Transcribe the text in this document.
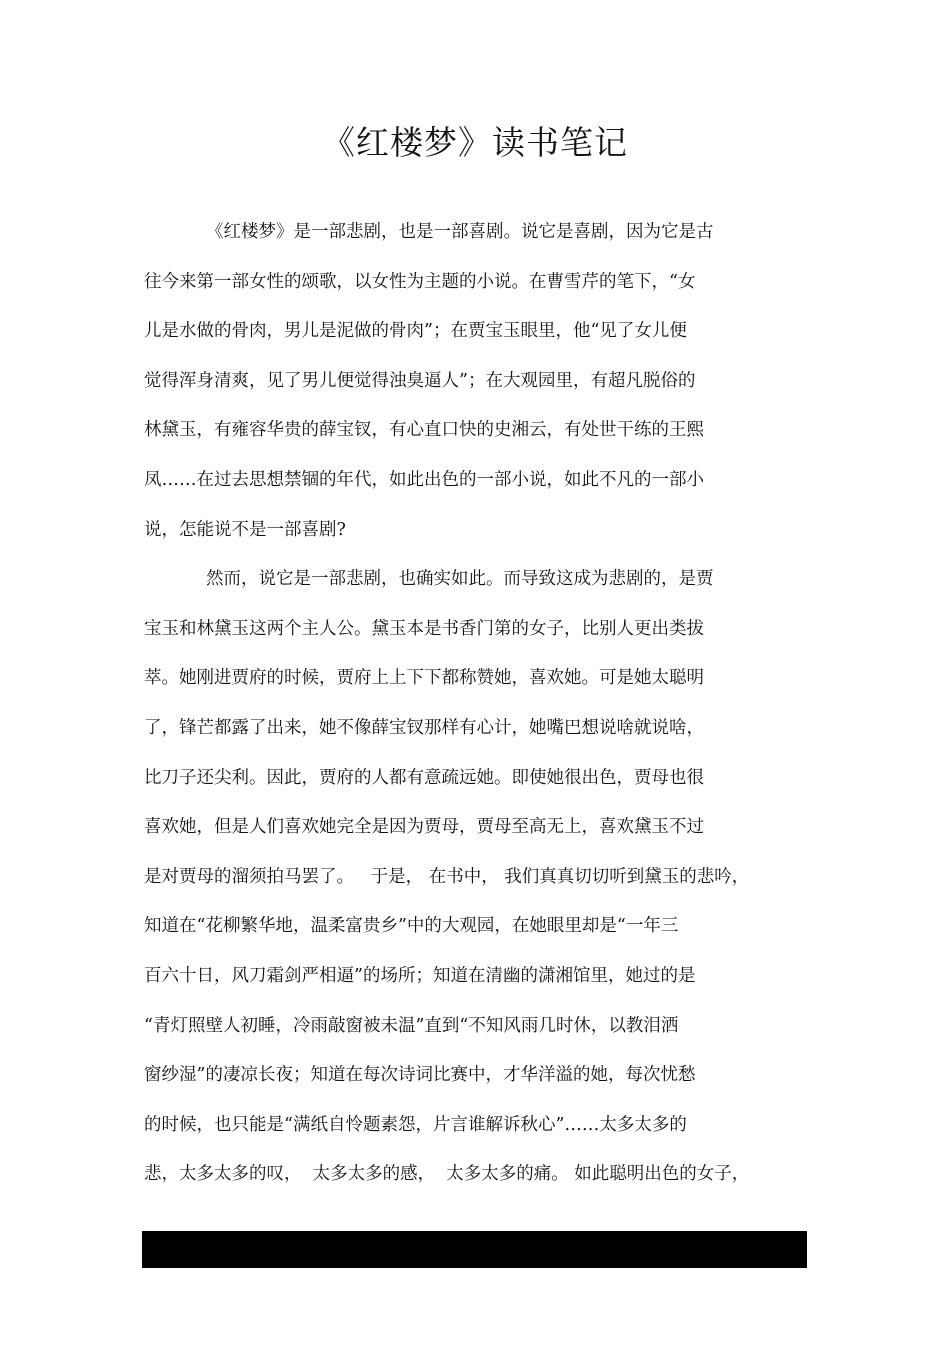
《红楼梦》读书笔记
《红楼梦》是一部悲剧，也是一部喜剧。说它是喜剧，因为它是古
往今来第一部女性的颂歌，以女性为主题的小说。在曹雪芹的笔下，“女
儿是水做的骨肉，男儿是泥做的骨肉”；在贾宝玉眼里，他“见了女儿便
觉得浑身清爽，见了男儿便觉得浊臭逼人”；在大观园里，有超凡脱俗的
林黛玉，有雍容华贵的薛宝钗，有心直口快的史湘云，有处世干练的王熙
凤……在过去思想禁锢的年代，如此出色的一部小说，如此不凡的一部小
说，怎能说不是一部喜剧?
然而，说它是一部悲剧，也确实如此。而导致这成为悲剧的，是贾
宝玉和林黛玉这两个主人公。黛玉本是书香门第的女子，比别人更出类拔
萃。她刚进贾府的时候，贾府上上下下都称赞她，喜欢她。可是她太聪明
了，锋芒都露了出来，她不像薛宝钗那样有心计，她嘴巴想说啥就说啥，
比刀子还尖利。因此，贾府的人都有意疏远她。即使她很出色，贾母也很
喜欢她，但是人们喜欢她完全是因为贾母，贾母至高无上，喜欢黛玉不过
是对贾母的溜须拍马罢了。   于是， 在书中， 我们真真切切听到黛玉的悲吟，
知道在“花柳繁华地，温柔富贵乡”中的大观园，在她眼里却是“一年三
百六十日，风刀霜剑严相逼”的场所；知道在清幽的潇湘馆里，她过的是
“青灯照壁人初睡，冷雨敲窗被未温”直到“不知风雨几时休，以教泪洒
窗纱湿”的凄凉长夜；知道在每次诗词比赛中，才华洋溢的她，每次忧愁
的时候，也只能是“满纸自怜题素怨，片言谁解诉秋心”……太多太多的
悲，太多太多的叹，  太多太多的感，  太多太多的痛。 如此聪明出色的女子，
